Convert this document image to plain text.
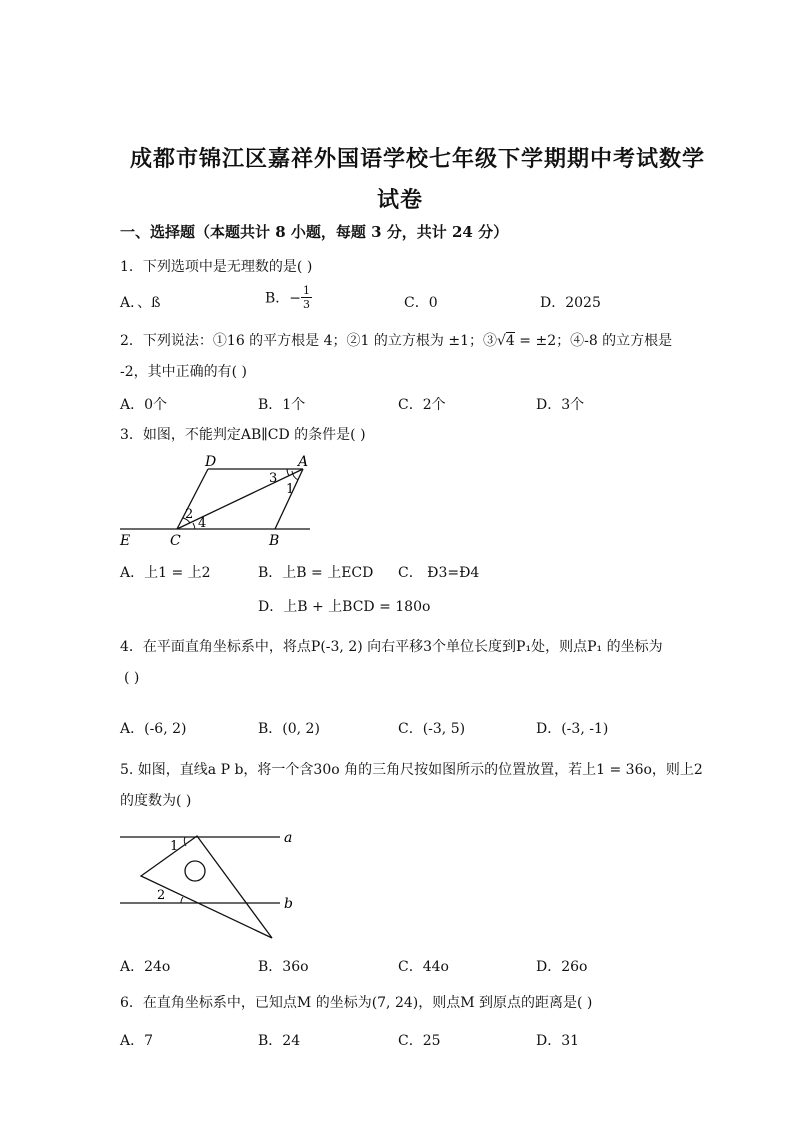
成都市锦江区嘉祥外国语学校七年级下学期期中考试数学
试卷
一、选择题（本题共计 8 小题，每题 3 分，共计 24 分）
1．下列选项中是无理数的是( )
A．、ß	B．− $\frac{1}{3}$	C．0	D．2025
2．下列说法：①16 的平方根是 4；②1 的立方根为 ±1；③√4 = ±2；④-8 的立方根是
-2，其中正确的有( )
A．0个	B．1个	C．2个	D．3个
3．如图，不能判定AB∥CD 的条件是( )
D	A
E	C	B
3
1
2
4
A．上1 = 上2	B．上B = 上ECD C． Ð3=Ð4
D．上B + 上BCD = 180o
4．在平面直角坐标系中，将点P(-3, 2) 向右平移3个单位长度到P₁处，则点P₁ 的坐标为
( )
A．(-6, 2)	B．(0, 2)	C．(-3, 5)	D．(-3, -1)
5. 如图，直线a P b，将一个含30o 角的三角尺按如图所示的位置放置，若上1 = 36o，则上2
的度数为( )
1
2
a
b
A．24o	B．36o	C．44o	D．26o
6．在直角坐标系中，已知点M 的坐标为(7, 24)，则点M 到原点的距离是( )
A．7	B．24	C．25	D．31
